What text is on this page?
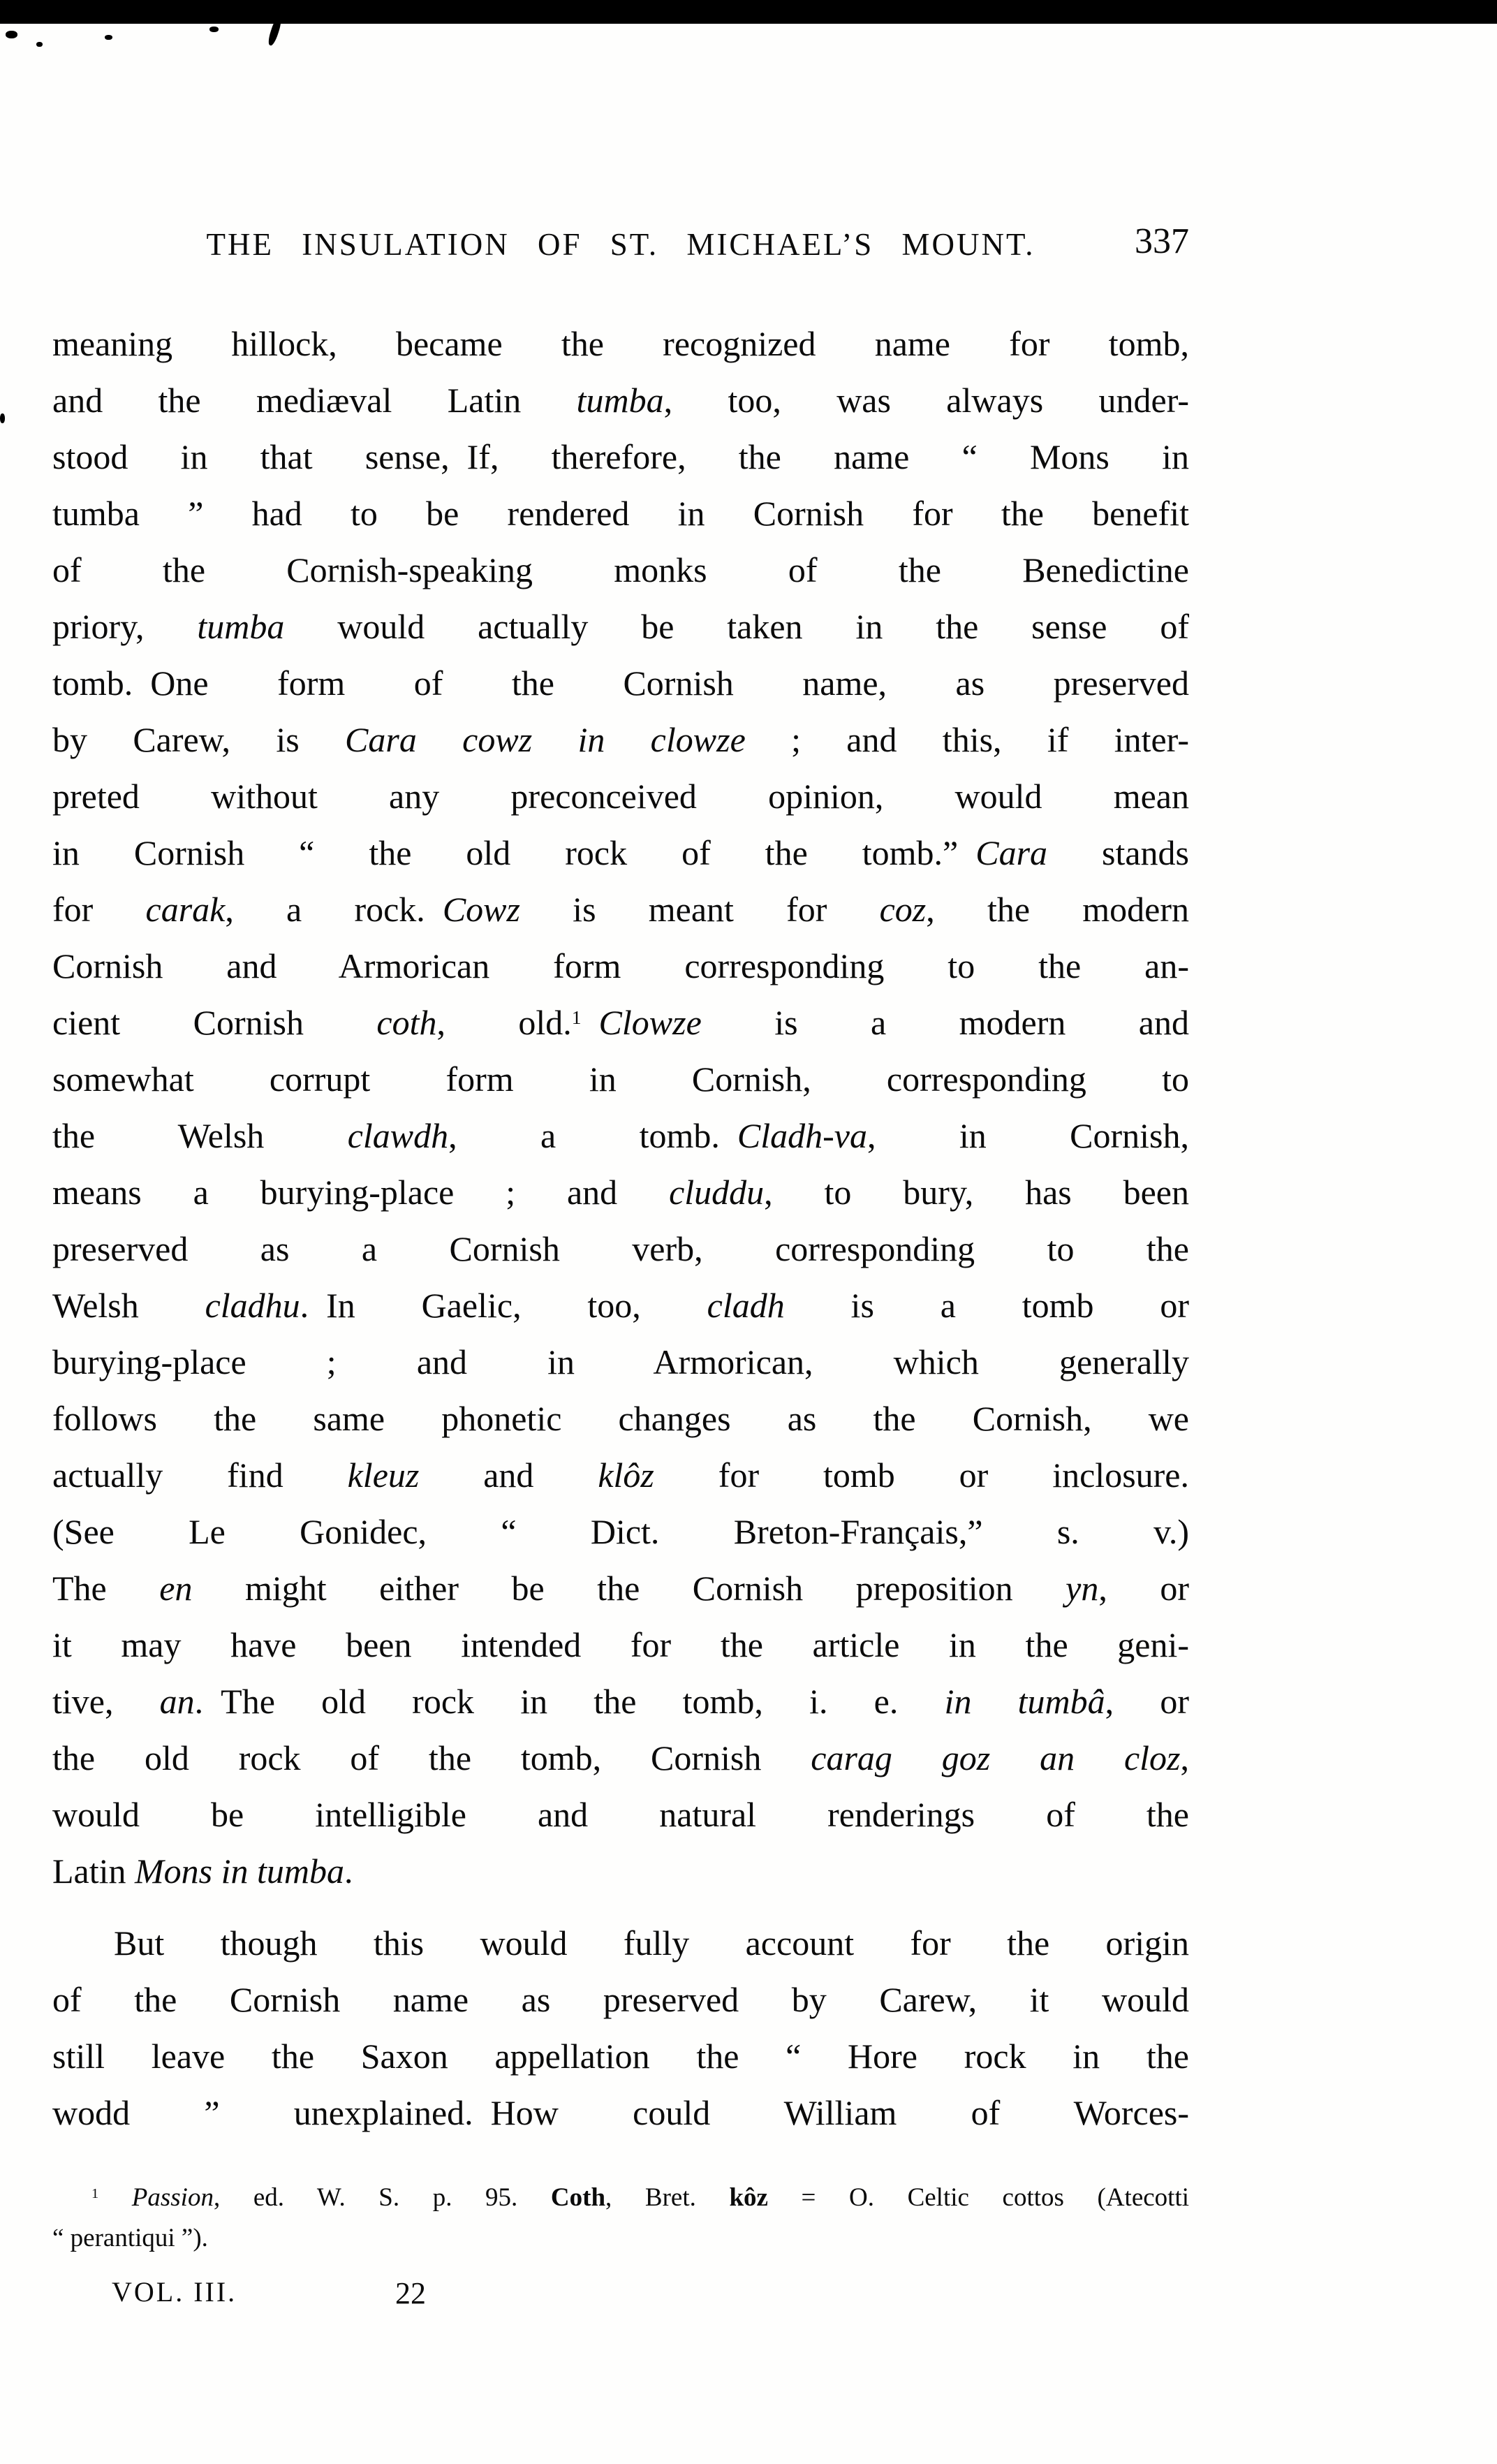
THE INSULATION OF ST. MICHAEL’S MOUNT.	337
meaning hillock, became the recognized name for tomb,
and the mediæval Latin tumba, too, was always under-
stood in that sense, If, therefore, the name “ Mons in
tumba ” had to be rendered in Cornish for the benefit
of the Cornish-speaking monks of the Benedictine
priory, tumba would actually be taken in the sense of
tomb. One form of the Cornish name, as preserved
by Carew, is Cara cowz in clowze ; and this, if inter-
preted without any preconceived opinion, would mean
in Cornish “ the old rock of the tomb.” Cara stands
for carak, a rock. Cowz is meant for coz, the modern
Cornish and Armorican form corresponding to the an-
cient Cornish coth, old.$^1$  Clowze is a modern and
somewhat corrupt form in Cornish, corresponding to
the Welsh clawdh, a tomb. Cladh-va, in Cornish,
means a burying-place ; and cluddu, to bury, has been
preserved as a Cornish verb, corresponding to the
Welsh cladhu. In Gaelic, too, cladh is a tomb or
burying-place ; and in Armorican, which generally
follows the same phonetic changes as the Cornish, we
actually find kleuz and klôz for tomb or inclosure.
(See Le Gonidec, “ Dict. Breton-Français,” s. v.)
The en might either be the Cornish preposition yn, or
it may have been intended for the article in the geni-
tive, an. The old rock in the tomb, i. e. in tumbâ, or
the old rock of the tomb, Cornish carag goz an cloz,
would be intelligible and natural renderings of the
Latin Mons in tumba.
But though this would fully account for the origin
of the Cornish name as preserved by Carew, it would
still leave the Saxon appellation the “ Hore rock in the
wodd ” unexplained. How could William of Worces-
$^1$ Passion, ed. W. S. p. 95. Coth, Bret. kôz = O. Celtic cottos (Atecotti
“ perantiqui ”).
VOL. III.	22
